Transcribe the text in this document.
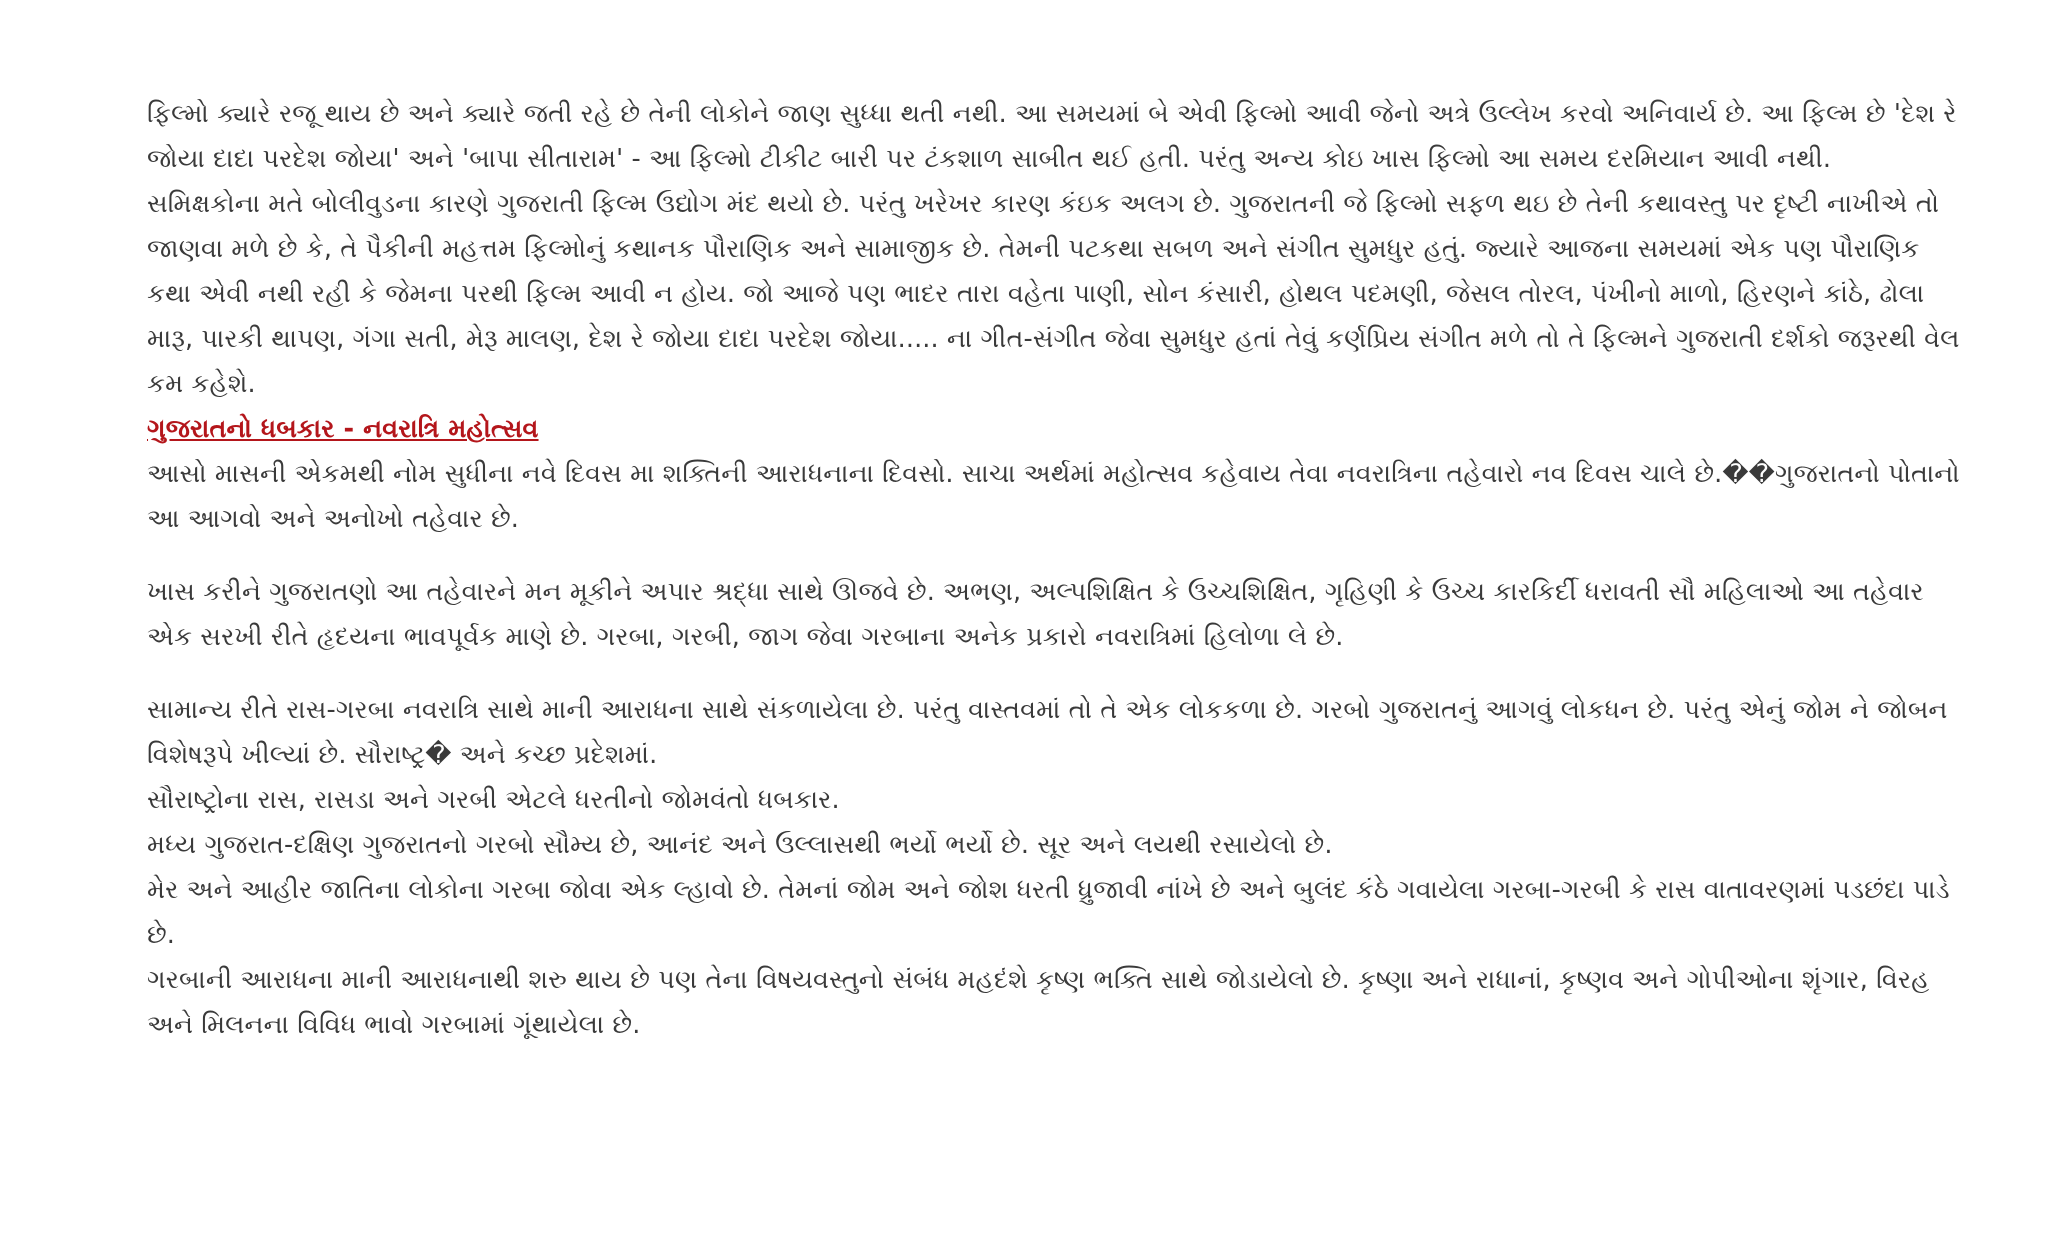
ફિલ્મો ક્યારે રજૂ થાય છે અને ક્યારે જતી રહે છે તેની લોકોને જાણ સુધ્ધા થતી નથી. આ સમયમાં બે એવી ફિલ્મો આવી જેનો અત્રે ઉલ્લેખ કરવો અનિવાર્ય છે. આ ફિલ્મ છે 'દેશ રે જોયા દાદા પરદેશ જોયા' અને 'બાપા સીતારામ' - આ ફિલ્મો ટીકીટ બારી પર ટંકશાળ સાબીત થઈ હતી. પરંતુ અન્ય કોઇ ખાસ ફિલ્મો આ સમય દરમિયાન આવી નથી.

સમિક્ષકોના મતે બોલીવુડના કારણે ગુજરાતી ફિલ્મ ઉદ્યોગ મંદ થયો છે. પરંતુ ખરેખર કારણ કંઇક અલગ છે. ગુજરાતની જે ફિલ્મો સફળ થઇ છે તેની કથાવસ્તુ પર દૃષ્ટી નાખીએ તો જાણવા મળે છે કે, તે પૈકીની મહત્તમ ફિલ્મોનું કથાનક પૌરાણિક અને સામાજીક છે. તેમની પટકથા સબળ અને સંગીત સુમધુર હતું. જ્યારે આજના સમયમાં એક પણ પૌરાણિક કથા એવી નથી રહી કે જેમના પરથી ફિલ્મ આવી ન હોય. જો આજે પણ ભાદર તારા વહેતા પાણી, સોન કંસારી, હોથલ પદમણી, જેસલ તોરલ, પંખીનો માળો, હિરણને કાંઠે, ઢોલા મારૂ, પારકી થાપણ, ગંગા સતી, મેરૂ માલણ, દેશ રે જોયા દાદા પરદેશ જોયા..... ના ગીત-સંગીત જેવા સુમધુર હતાં તેવું કર્ણપ્રિય સંગીત મળે તો તે ફિલ્મને ગુજરાતી દર્શકો જરૂરથી વેલ કમ કહેશે.

ગુજરાતનો ધબકાર - નવરાત્રિ મહોત્સવ

આસો માસની એકમથી નોમ સુધીના નવે દિવસ મા શક્તિની આરાધનાના દિવસો. સાચા અર્થમાં મહોત્સવ કહેવાય તેવા નવરાત્રિના તહેવારો નવ દિવસ ચાલે છે.��ગુજરાતનો પોતાનો આ આગવો અને અનોખો તહેવાર છે.

ખાસ કરીને ગુજરાતણો આ તહેવારને મન મૂકીને અપાર શ્રદ્ધા સાથે ઊજવે છે. અભણ, અલ્પશિક્ષિત કે ઉચ્ચશિક્ષિત, ગૃહિણી કે ઉચ્ચ કારકિર્દી ધરાવતી સૌ મહિલાઓ આ તહેવાર એક સરખી રીતે હૃદયના ભાવપૂર્વક માણે છે. ગરબા, ગરબી, જાગ જેવા ગરબાના અનેક પ્રકારો નવરાત્રિમાં હિલોળા લે છે.

સામાન્ય રીતે રાસ-ગરબા નવરાત્રિ સાથે માની આરાધના સાથે સંકળાયેલા છે. પરંતુ વાસ્તવમાં તો તે એક લોકકળા છે. ગરબો ગુજરાતનું આગવું લોકધન છે. પરંતુ એનું જોમ ને જોબન વિશેષરૂપે ખીલ્યાં છે. સૌરાષ્ટ્ર� અને કચ્છ પ્રદેશમાં.

સૌરાષ્ટ્રોના રાસ, રાસડા અને ગરબી એટલે ધરતીનો જોમવંતો ધબકાર.

મધ્ય ગુજરાત-દક્ષિણ ગુજરાતનો ગરબો સૌમ્ય છે, આનંદ અને ઉલ્લાસથી ભર્યો ભર્યો છે. સૂર અને લયથી રસાયેલો છે.

મેર અને આહીર જાતિના લોકોના ગરબા જોવા એક લ્હાવો છે. તેમનાં જોમ અને જોશ ધરતી ધ્રુજાવી નાંખે છે અને બુલંદ કંઠે ગવાયેલા ગરબા-ગરબી કે રાસ વાતાવરણમાં પડછંદા પાડે છે.

ગરબાની આરાધના માની આરાધનાથી શરુ થાય છે પણ તેના વિષયવસ્તુનો સંબંધ મહદંશે કૃષ્ણ ભક્તિ સાથે જોડાયેલો છે. કૃષ્ણા અને રાધાનાં, કૃષ્ણવ અને ગોપીઓના શૃંગાર, વિરહ અને મિલનના વિવિધ ભાવો ગરબામાં ગૂંથાયેલા છે.
